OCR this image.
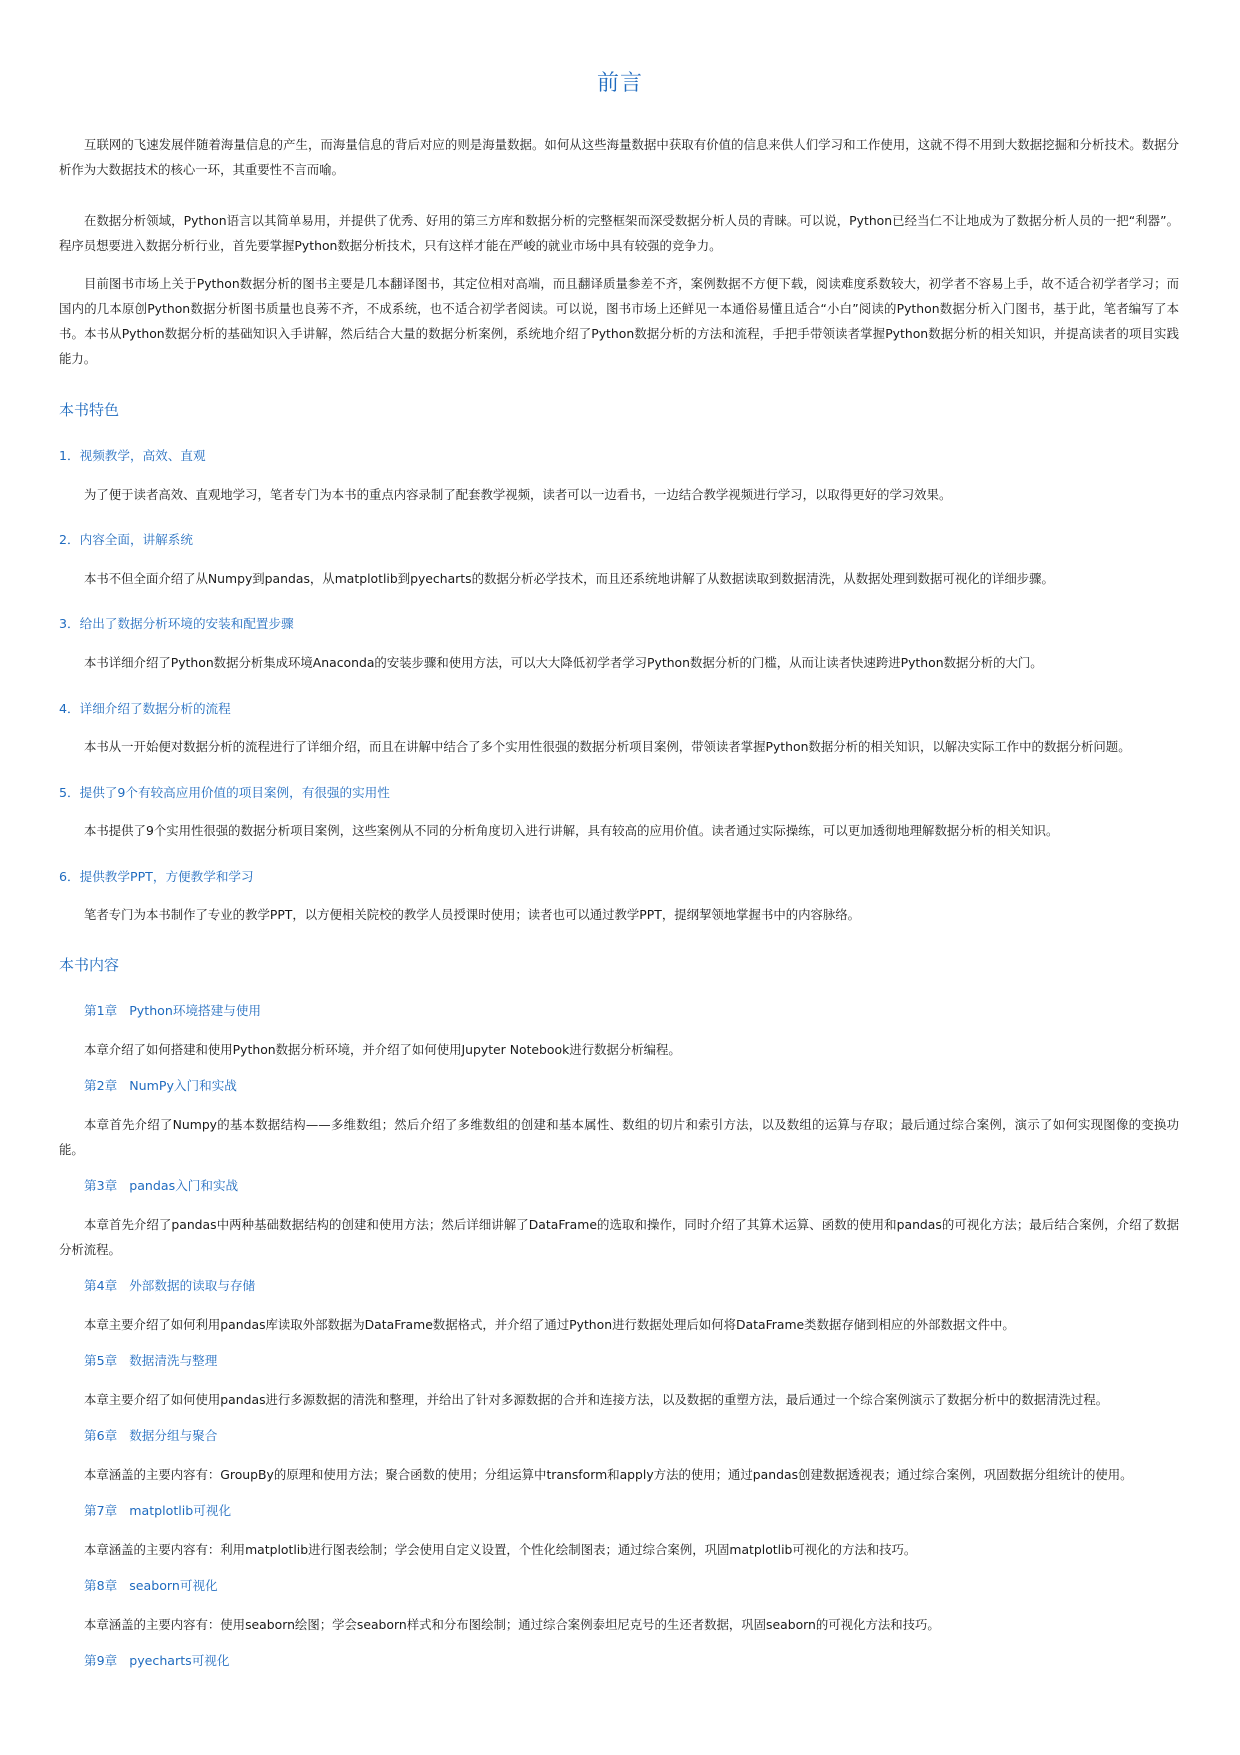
前言
互联网的飞速发展伴随着海量信息的产生，而海量信息的背后对应的则是海量数据。如何从这些海量数据中获取有价值的信息来供人们学习和工作使用，这就不得不用到大数据挖掘和分析技术。数据分析作为大数据技术的核心一环，其重要性不言而喻。
在数据分析领域，Python语言以其简单易用，并提供了优秀、好用的第三方库和数据分析的完整框架而深受数据分析人员的青睐。可以说，Python已经当仁不让地成为了数据分析人员的一把“利器”。程序员想要进入数据分析行业，首先要掌握Python数据分析技术，只有这样才能在严峻的就业市场中具有较强的竞争力。
目前图书市场上关于Python数据分析的图书主要是几本翻译图书，其定位相对高端，而且翻译质量参差不齐，案例数据不方便下载，阅读难度系数较大，初学者不容易上手，故不适合初学者学习；而国内的几本原创Python数据分析图书质量也良莠不齐，不成系统，也不适合初学者阅读。可以说，图书市场上还鲜见一本通俗易懂且适合“小白”阅读的Python数据分析入门图书，基于此，笔者编写了本书。本书从Python数据分析的基础知识入手讲解，然后结合大量的数据分析案例，系统地介绍了Python数据分析的方法和流程，手把手带领读者掌握Python数据分析的相关知识，并提高读者的项目实践能力。
本书特色
1．视频教学，高效、直观
为了便于读者高效、直观地学习，笔者专门为本书的重点内容录制了配套教学视频，读者可以一边看书，一边结合教学视频进行学习，以取得更好的学习效果。
2．内容全面，讲解系统
本书不但全面介绍了从Numpy到pandas，从matplotlib到pyecharts的数据分析必学技术，而且还系统地讲解了从数据读取到数据清洗，从数据处理到数据可视化的详细步骤。
3．给出了数据分析环境的安装和配置步骤
本书详细介绍了Python数据分析集成环境Anaconda的安装步骤和使用方法，可以大大降低初学者学习Python数据分析的门槛，从而让读者快速跨进Python数据分析的大门。
4．详细介绍了数据分析的流程
本书从一开始便对数据分析的流程进行了详细介绍，而且在讲解中结合了多个实用性很强的数据分析项目案例，带领读者掌握Python数据分析的相关知识，以解决实际工作中的数据分析问题。
5．提供了9个有较高应用价值的项目案例，有很强的实用性
本书提供了9个实用性很强的数据分析项目案例，这些案例从不同的分析角度切入进行讲解，具有较高的应用价值。读者通过实际操练，可以更加透彻地理解数据分析的相关知识。
6．提供教学PPT，方便教学和学习
笔者专门为本书制作了专业的教学PPT，以方便相关院校的教学人员授课时使用；读者也可以通过教学PPT，提纲挈领地掌握书中的内容脉络。
本书内容
第1章 Python环境搭建与使用
本章介绍了如何搭建和使用Python数据分析环境，并介绍了如何使用Jupyter Notebook进行数据分析编程。
第2章 NumPy入门和实战
本章首先介绍了Numpy的基本数据结构——多维数组；然后介绍了多维数组的创建和基本属性、数组的切片和索引方法，以及数组的运算与存取；最后通过综合案例，演示了如何实现图像的变换功能。
第3章 pandas入门和实战
本章首先介绍了pandas中两种基础数据结构的创建和使用方法；然后详细讲解了DataFrame的选取和操作，同时介绍了其算术运算、函数的使用和pandas的可视化方法；最后结合案例，介绍了数据分析流程。
第4章 外部数据的读取与存储
本章主要介绍了如何利用pandas库读取外部数据为DataFrame数据格式，并介绍了通过Python进行数据处理后如何将DataFrame类数据存储到相应的外部数据文件中。
第5章 数据清洗与整理
本章主要介绍了如何使用pandas进行多源数据的清洗和整理，并给出了针对多源数据的合并和连接方法，以及数据的重塑方法，最后通过一个综合案例演示了数据分析中的数据清洗过程。
第6章 数据分组与聚合
本章涵盖的主要内容有：GroupBy的原理和使用方法；聚合函数的使用；分组运算中transform和apply方法的使用；通过pandas创建数据透视表；通过综合案例，巩固数据分组统计的使用。
第7章 matplotlib可视化
本章涵盖的主要内容有：利用matplotlib进行图表绘制；学会使用自定义设置，个性化绘制图表；通过综合案例，巩固matplotlib可视化的方法和技巧。
第8章 seaborn可视化
本章涵盖的主要内容有：使用seaborn绘图；学会seaborn样式和分布图绘制；通过综合案例泰坦尼克号的生还者数据，巩固seaborn的可视化方法和技巧。
第9章 pyecharts可视化
